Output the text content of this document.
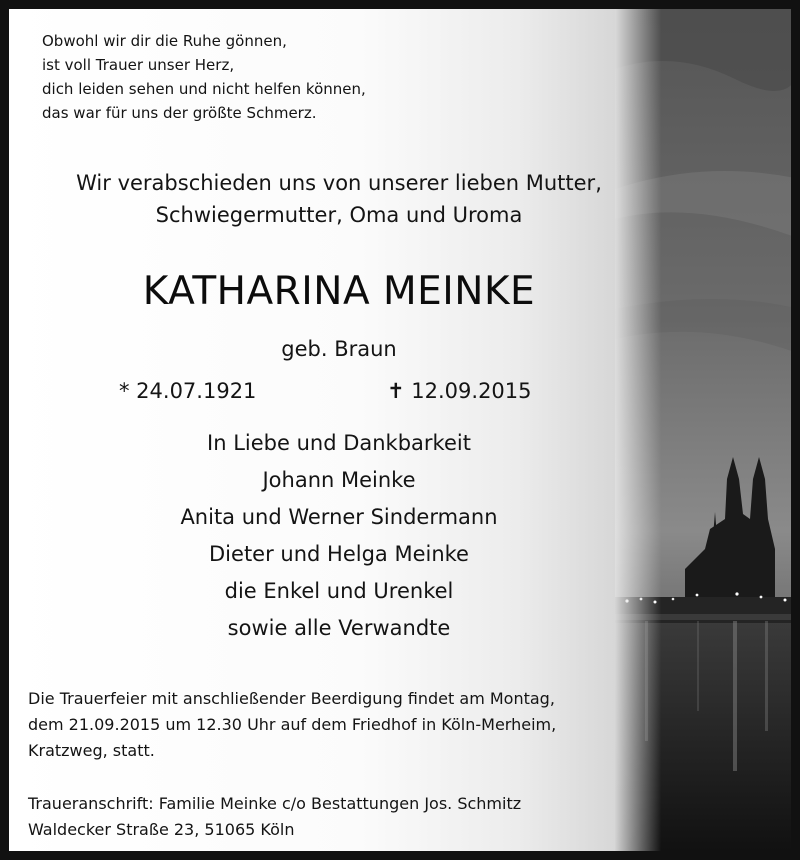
Obwohl wir dir die Ruhe gönnen,
ist voll Trauer unser Herz,
dich leiden sehen und nicht helfen können,
das war für uns der größte Schmerz.
Wir verabschieden uns von unserer lieben Mutter,
Schwiegermutter, Oma und Uroma
KATHARINA MEINKE
geb. Braun
* 24.07.1921	✝ 12.09.2015
In Liebe und Dankbarkeit
Johann Meinke
Anita und Werner Sindermann
Dieter und Helga Meinke
die Enkel und Urenkel
sowie alle Verwandte
Die Trauerfeier mit anschließender Beerdigung findet am Montag,
dem 21.09.2015 um 12.30 Uhr auf dem Friedhof in Köln-Merheim,
Kratzweg, statt.
Traueranschrift: Familie Meinke c/o Bestattungen Jos. Schmitz
Waldecker Straße 23, 51065 Köln
